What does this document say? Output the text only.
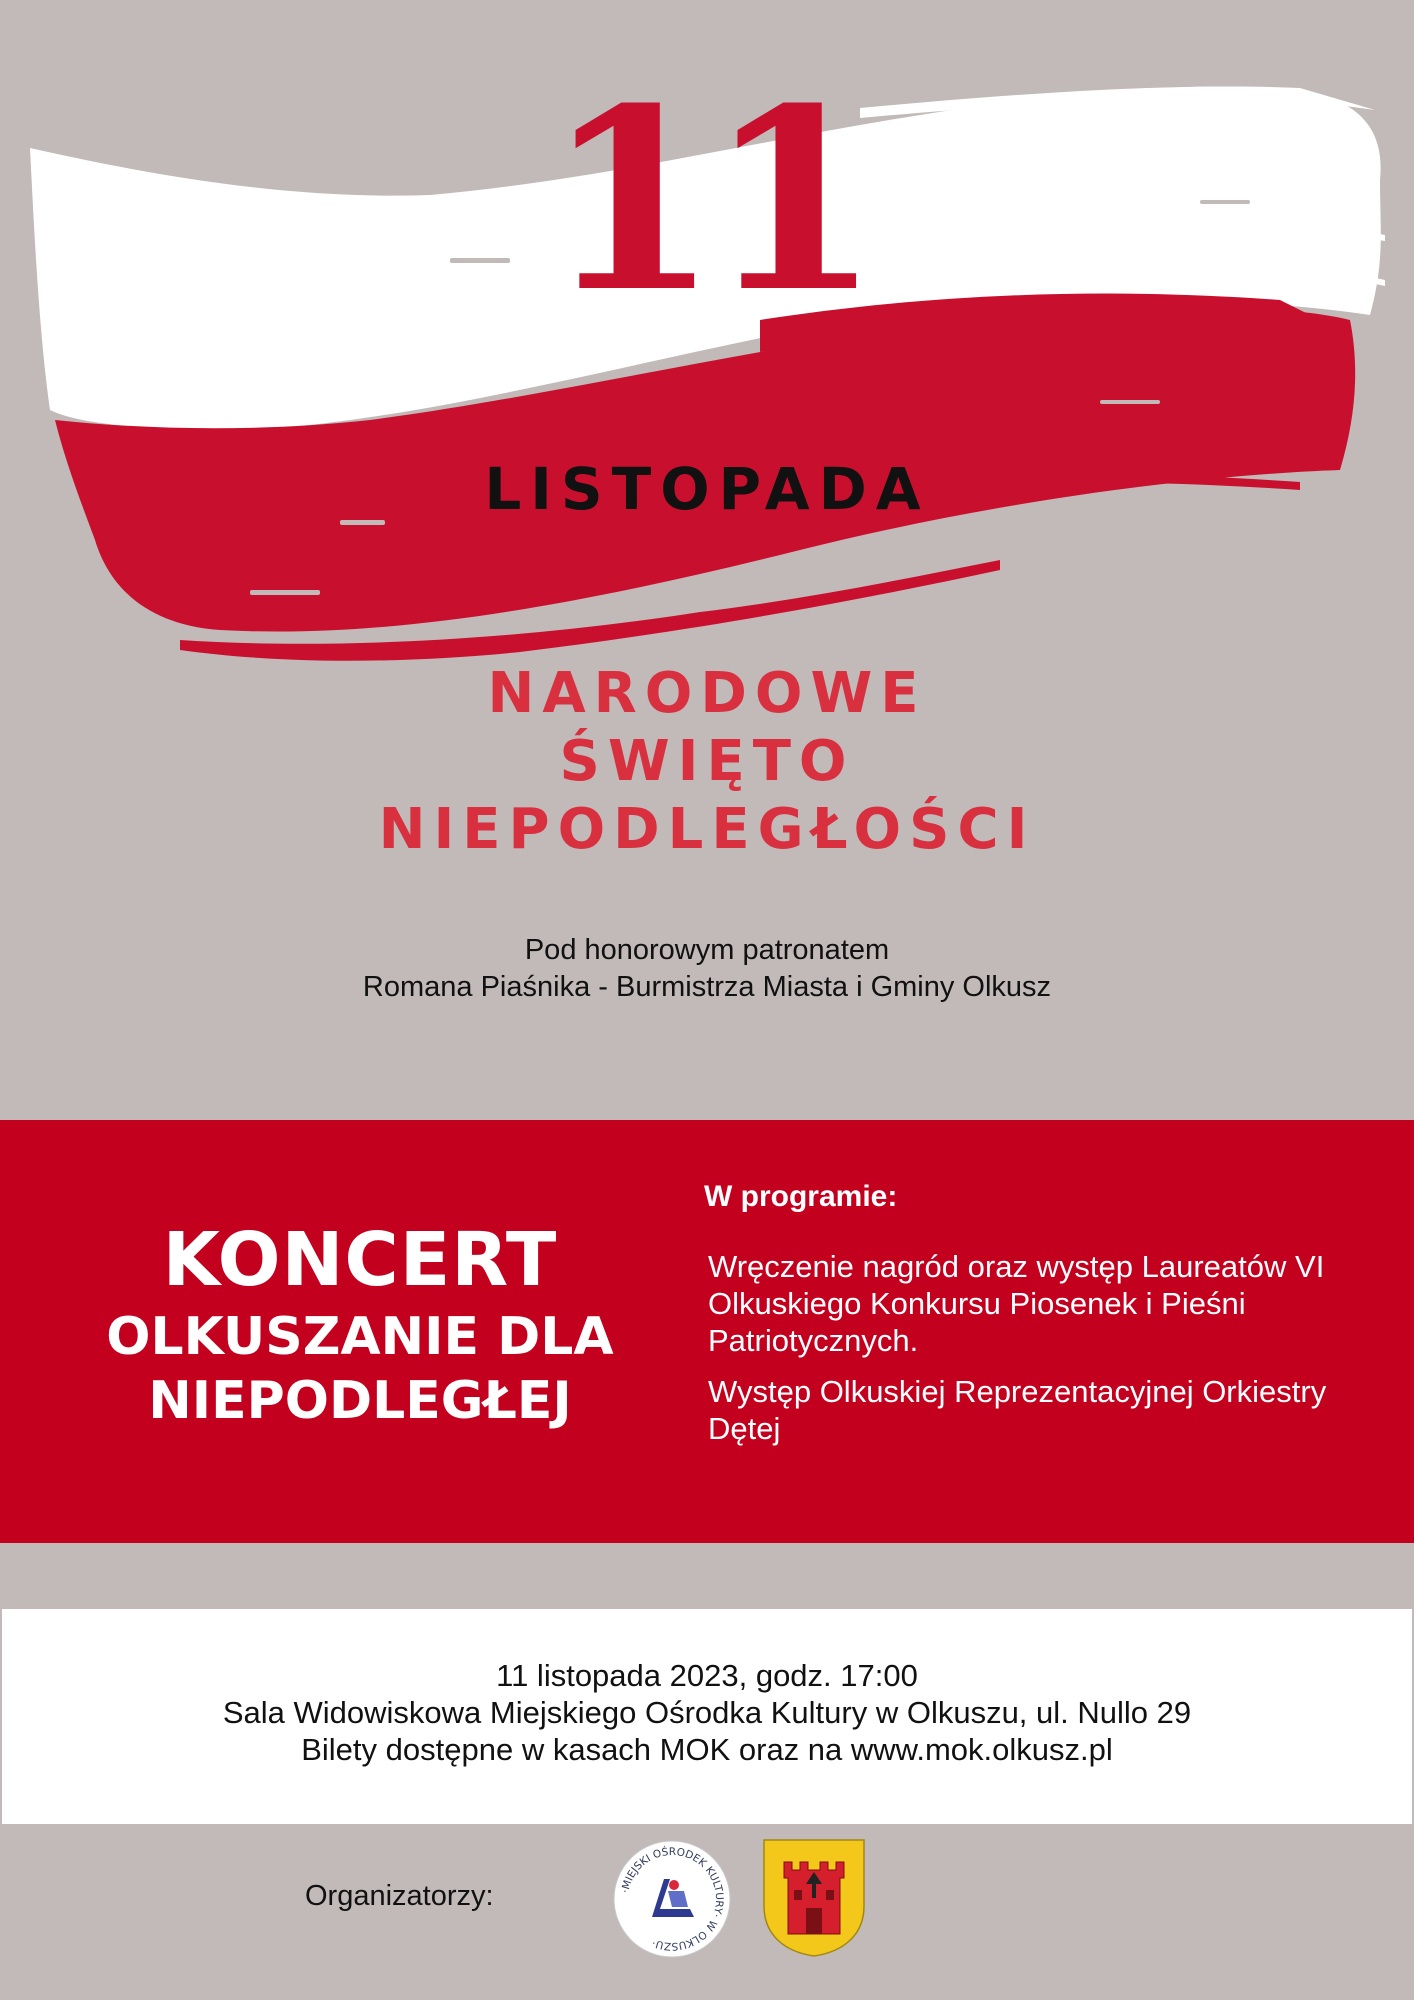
11
LISTOPADA
NARODOWE
ŚWIĘTO
NIEPODLEGŁOŚCI
Pod honorowym patronatem
Romana Piaśnika - Burmistrza Miasta i Gminy Olkusz
KONCERT
OLKUSZANIE DLA
NIEPODLEGŁEJ
W programie:
Wręczenie nagród oraz występ Laureatów VI Olkuskiego Konkursu Piosenek i Pieśni Patriotycznych.
Występ Olkuskiej Reprezentacyjnej Orkiestry Dętej
11 listopada 2023, godz. 17:00
Sala Widowiskowa Miejskiego Ośrodka Kultury w Olkuszu, ul. Nullo 29
Bilety dostępne w kasach MOK oraz na www.mok.olkusz.pl
Organizatorzy:	·MIEJSKI OŚRODEK KULTURY· W OLKUSZU·
